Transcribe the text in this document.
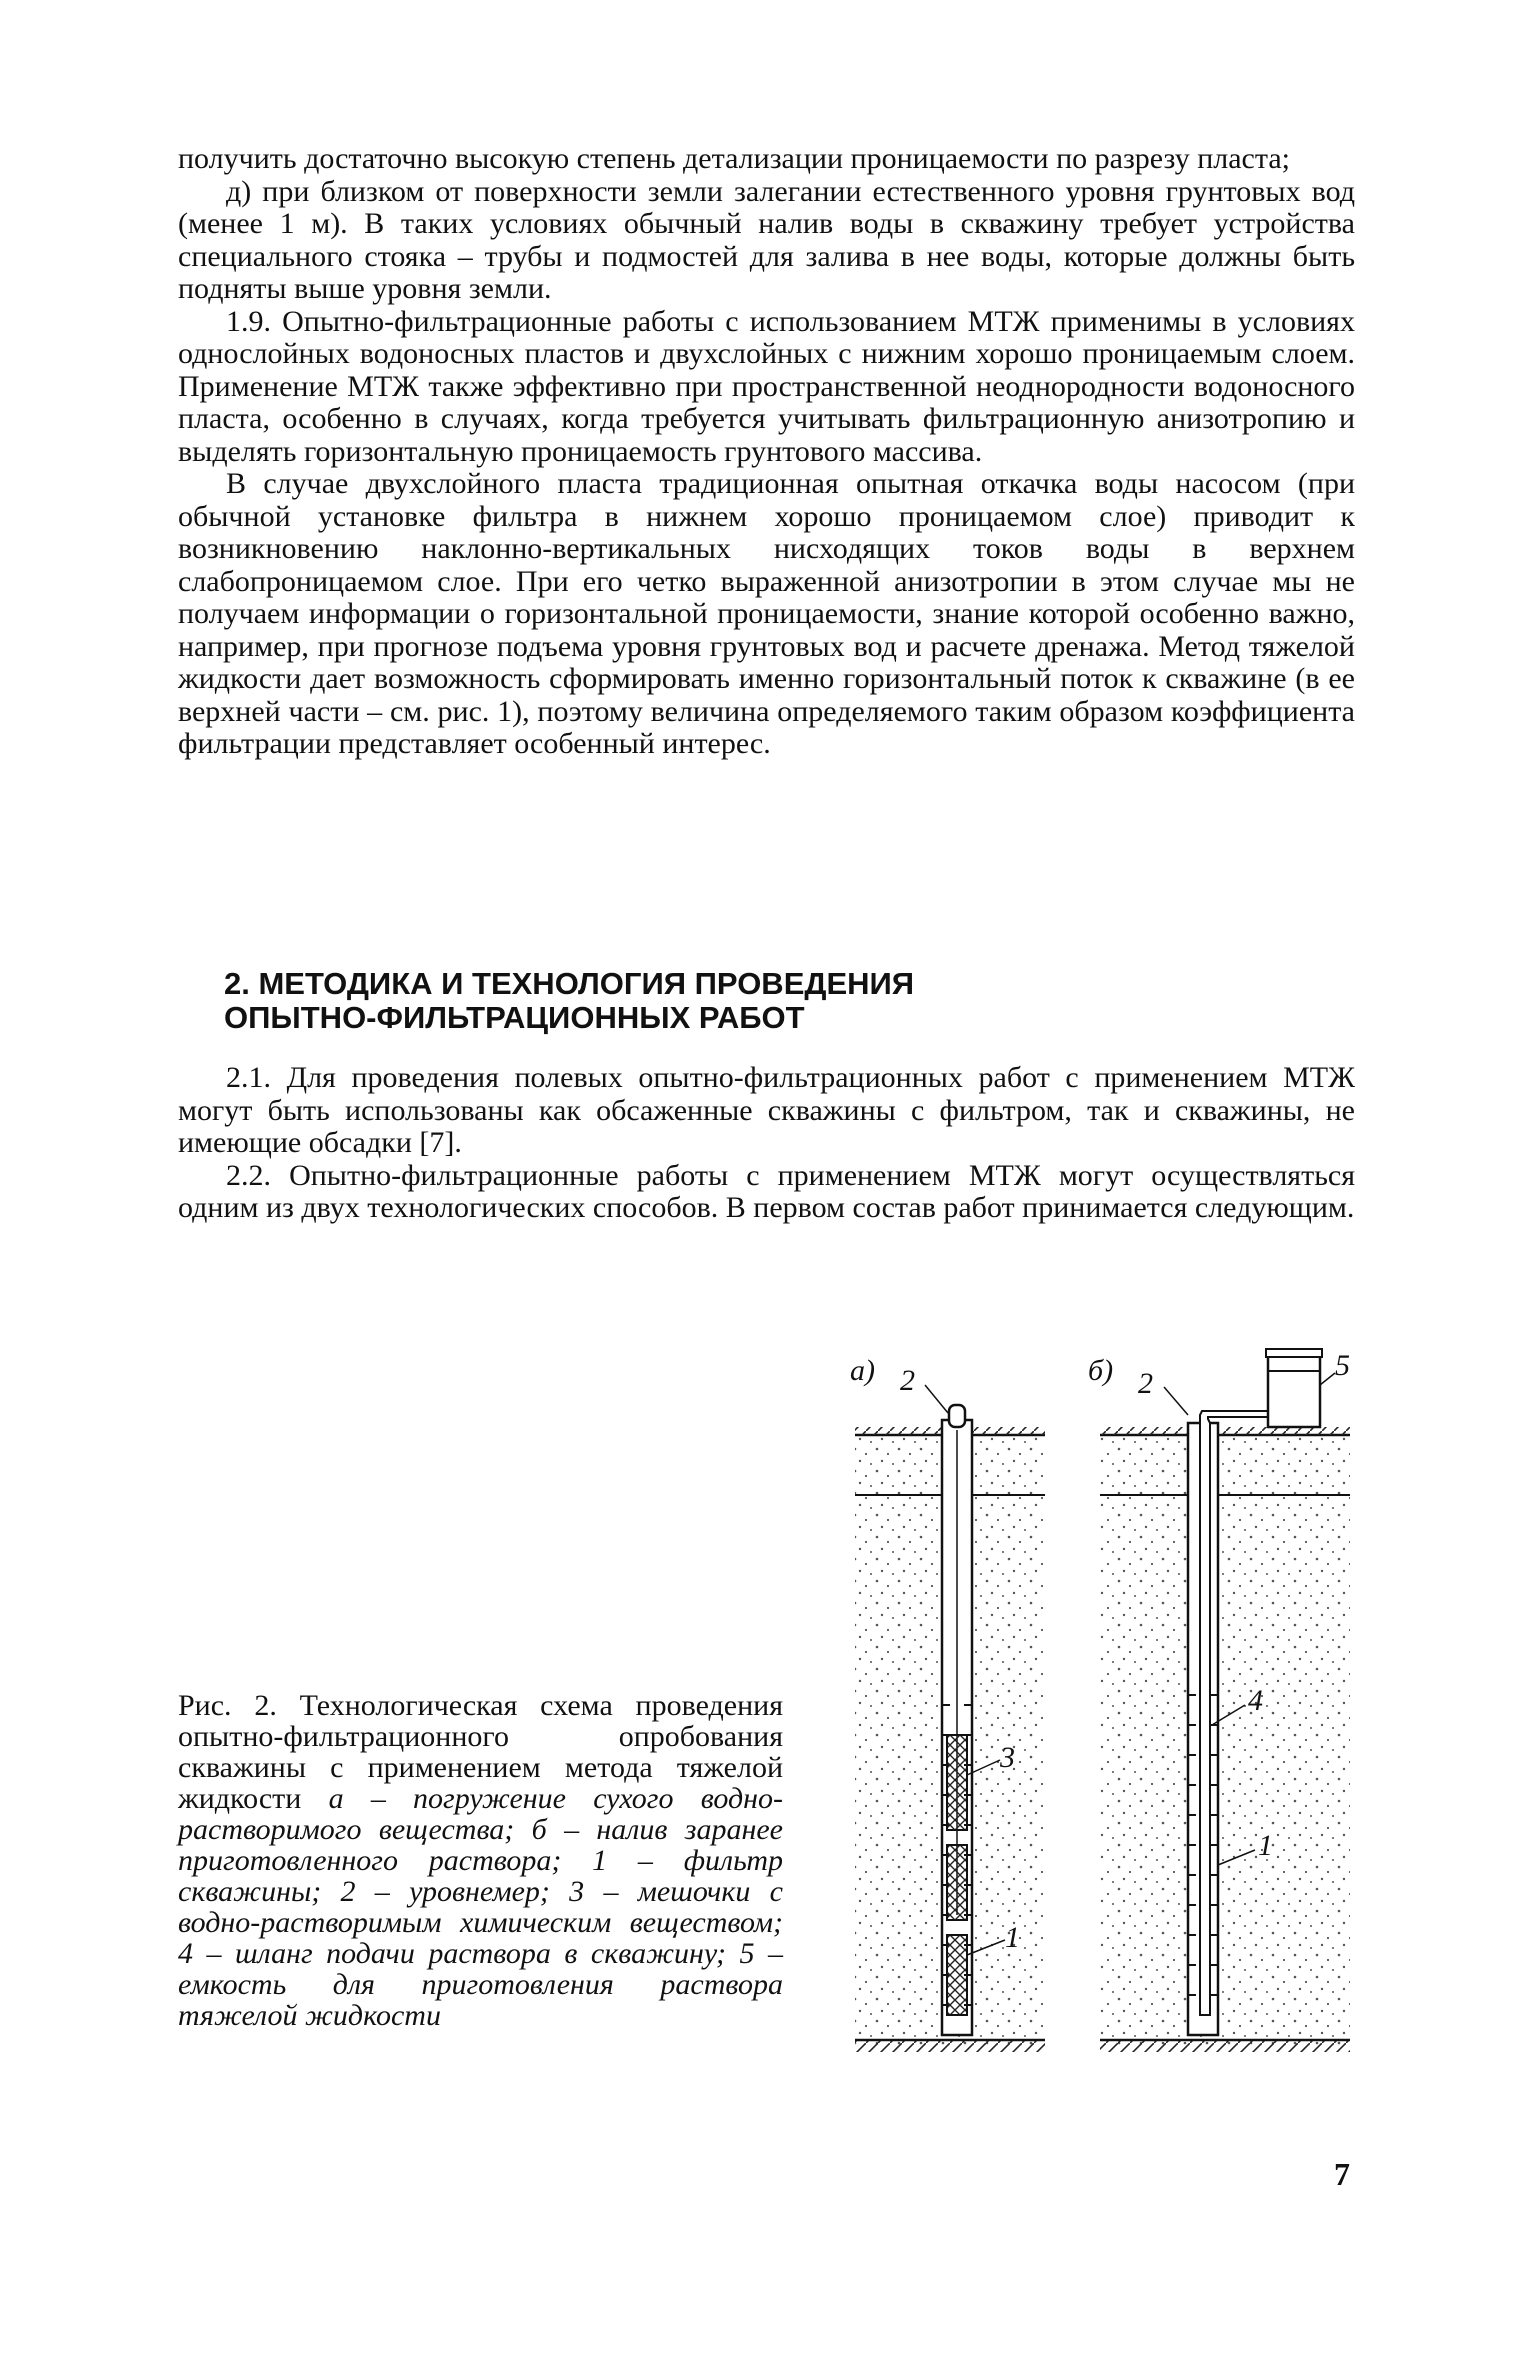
получить достаточно высокую степень детализации проницаемости по разрезу пласта;

д) при близком от поверхности земли залегании естественного уровня грунтовых вод (менее 1 м). В таких условиях обычный налив воды в скважину требует устройства специального стояка – трубы и подмостей для залива в нее воды, которые должны быть подняты выше уровня земли.

1.9. Опытно-фильтрационные работы с использованием МТЖ применимы в условиях однослойных водоносных пластов и двухслойных с нижним хорошо проницаемым слоем. Применение МТЖ также эффективно при пространственной неоднородности водоносного пласта, особенно в случаях, когда требуется учитывать фильтрационную анизотропию и выделять горизонтальную проницаемость грунтового массива.

В случае двухслойного пласта традиционная опытная откачка воды насосом (при обычной установке фильтра в нижнем хорошо проницаемом слое) приводит к возникновению наклонно-вертикальных нисходящих токов воды в верхнем слабопроницаемом слое. При его четко выраженной анизотропии в этом случае мы не получаем информации о горизонтальной проницаемости, знание которой особенно важно, например, при прогнозе подъема уровня грунтовых вод и расчете дренажа. Метод тяжелой жидкости дает возможность сформировать именно горизонтальный поток к скважине (в ее верхней части – см. рис. 1), поэтому величина определяемого таким образом коэффициента фильтрации представляет особенный интерес.

2. МЕТОДИКА И ТЕХНОЛОГИЯ ПРОВЕДЕНИЯ
ОПЫТНО-ФИЛЬТРАЦИОННЫХ РАБОТ

2.1. Для проведения полевых опытно-фильтрационных работ с применением МТЖ могут быть использованы как обсаженные скважины с фильтром, так и скважины, не имеющие обсадки [7].

2.2. Опытно-фильтрационные работы с применением МТЖ могут осуществляться одним из двух технологических способов. В первом состав работ принимается следующим.

Рис. 2. Технологическая схема проведения опытно-фильтрационного опробования скважины с применением метода тяжелой жидкости а – погружение сухого водно-растворимого вещества; б – налив заранее приготовленного раствора; 1 – фильтр скважины; 2 – уровнемер; 3 – мешочки с водно-растворимым химическим веществом; 4 – шланг подачи раствора в скважину; 5 – емкость для приготовления раствора тяжелой жидкости
а) 2
3
1
б) 2
5
4
1
7
